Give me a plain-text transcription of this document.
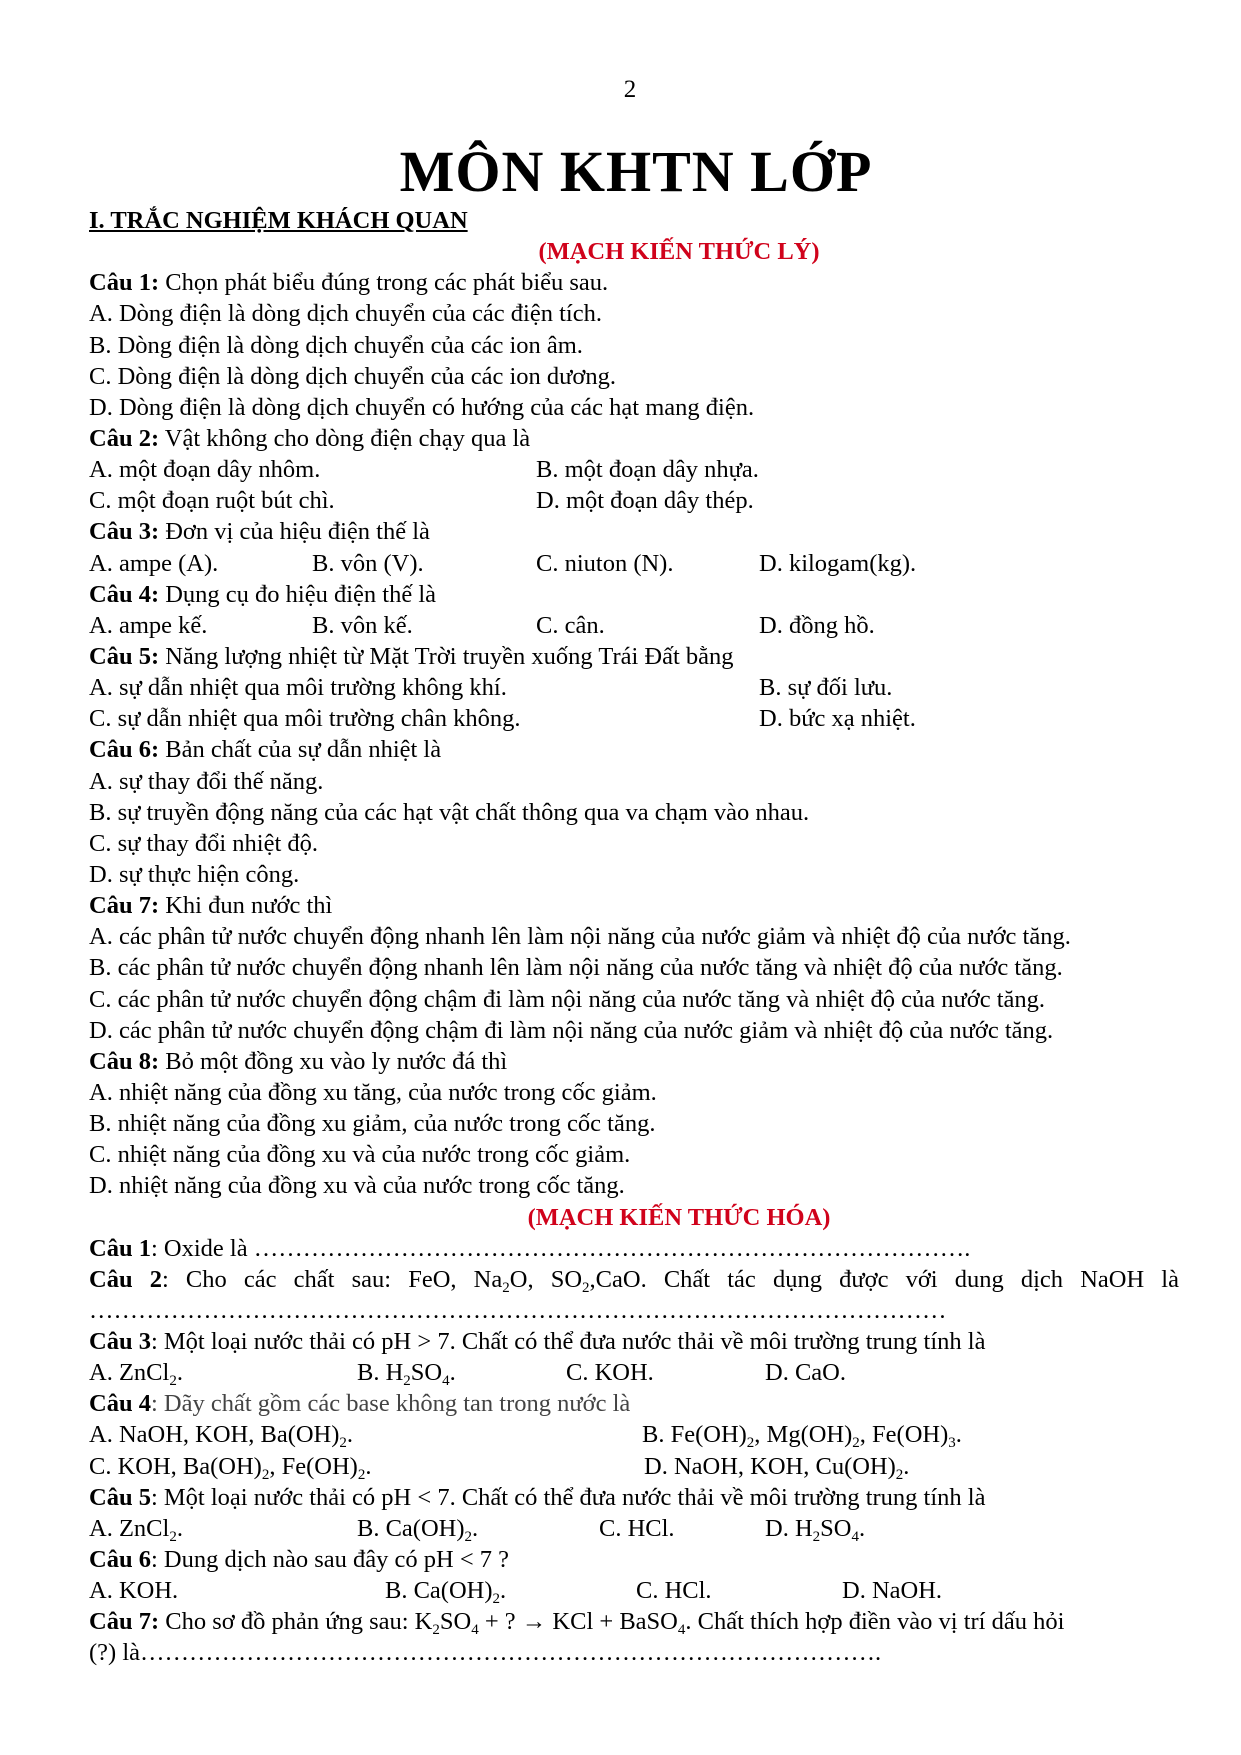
2
MÔN KHTN LỚP
I. TRẮC NGHIỆM KHÁCH QUAN
(MẠCH KIẾN THỨC LÝ)
Câu 1: Chọn phát biểu đúng trong các phát biểu sau.
A. Dòng điện là dòng dịch chuyển của các điện tích.
B. Dòng điện là dòng dịch chuyển của các ion âm.
C. Dòng điện là dòng dịch chuyển của các ion dương.
D. Dòng điện là dòng dịch chuyển có hướng của các hạt mang điện.
Câu 2: Vật không cho dòng điện chạy qua là
A. một đoạn dây nhôm.	B. một đoạn dây nhựa.
C. một đoạn ruột bút chì.	D. một đoạn dây thép.
Câu 3: Đơn vị của hiệu điện thế là
A. ampe (A).	B. vôn (V).	C. niuton (N).	D. kilogam(kg).
Câu 4: Dụng cụ đo hiệu điện thế là
A. ampe kế.	B. vôn kế.	C. cân.	D. đồng hồ.
Câu 5: Năng lượng nhiệt từ Mặt Trời truyền xuống Trái Đất bằng
A. sự dẫn nhiệt qua môi trường không khí.	B. sự đối lưu.
C. sự dẫn nhiệt qua môi trường chân không.	D. bức xạ nhiệt.
Câu 6: Bản chất của sự dẫn nhiệt là
A. sự thay đổi thế năng.
B. sự truyền động năng của các hạt vật chất thông qua va chạm vào nhau.
C. sự thay đổi nhiệt độ.
D. sự thực hiện công.
Câu 7: Khi đun nước thì
A. các phân tử nước chuyển động nhanh lên làm nội năng của nước giảm và nhiệt độ của nước tăng.
B. các phân tử nước chuyển động nhanh lên làm nội năng của nước tăng và nhiệt độ của nước tăng.
C. các phân tử nước chuyển động chậm đi làm nội năng của nước tăng và nhiệt độ của nước tăng.
D. các phân tử nước chuyển động chậm đi làm nội năng của nước giảm và nhiệt độ của nước tăng.
Câu 8: Bỏ một đồng xu vào ly nước đá thì
A. nhiệt năng của đồng xu tăng, của nước trong cốc giảm.
B. nhiệt năng của đồng xu giảm, của nước trong cốc tăng.
C. nhiệt năng của đồng xu và của nước trong cốc giảm.
D. nhiệt năng của đồng xu và của nước trong cốc tăng.
(MẠCH KIẾN THỨC HÓA)
Câu 1: Oxide là …………………………………………………………………………….
Câu 2: Cho các chất sau: FeO, $Na_2O$, $SO_2,CaO$. Chất tác dụng được với dung dịch NaOH là
……………………………………………………………………………………………
Câu 3: Một loại nước thải có pH > 7. Chất có thể đưa nước thải về môi trường trung tính là
A. ZnCl$_2$.	B. $H_2SO_4$.	C. KOH.	D. CaO.
Câu 4: Dãy chất gồm các base không tan trong nước là
A. NaOH, KOH, $Ba(OH)_2$.	B. $Fe(OH)_2$, $Mg(OH)_2$, $Fe(OH)_3$.
C. KOH, $Ba(OH)_2$, $Fe(OH)_2$.	D. NaOH, KOH, $Cu(OH)_2$.
Câu 5: Một loại nước thải có pH < 7. Chất có thể đưa nước thải về môi trường trung tính là
A. ZnCl$_2$.	B. $Ca(OH)_2$.	C. HCl.	D. $H_2SO_4$.
Câu 6: Dung dịch nào sau đây có pH < 7 ?
A. KOH.	B. $Ca(OH)_2$.	C. HCl.	D. NaOH.
Câu 7: Cho sơ đồ phản ứng sau: $K_2SO_4$ + ? → KCl + BaSO$_4$. Chất thích hợp điền vào vị trí dấu hỏi
(?) là……………………………………………………………………………….
